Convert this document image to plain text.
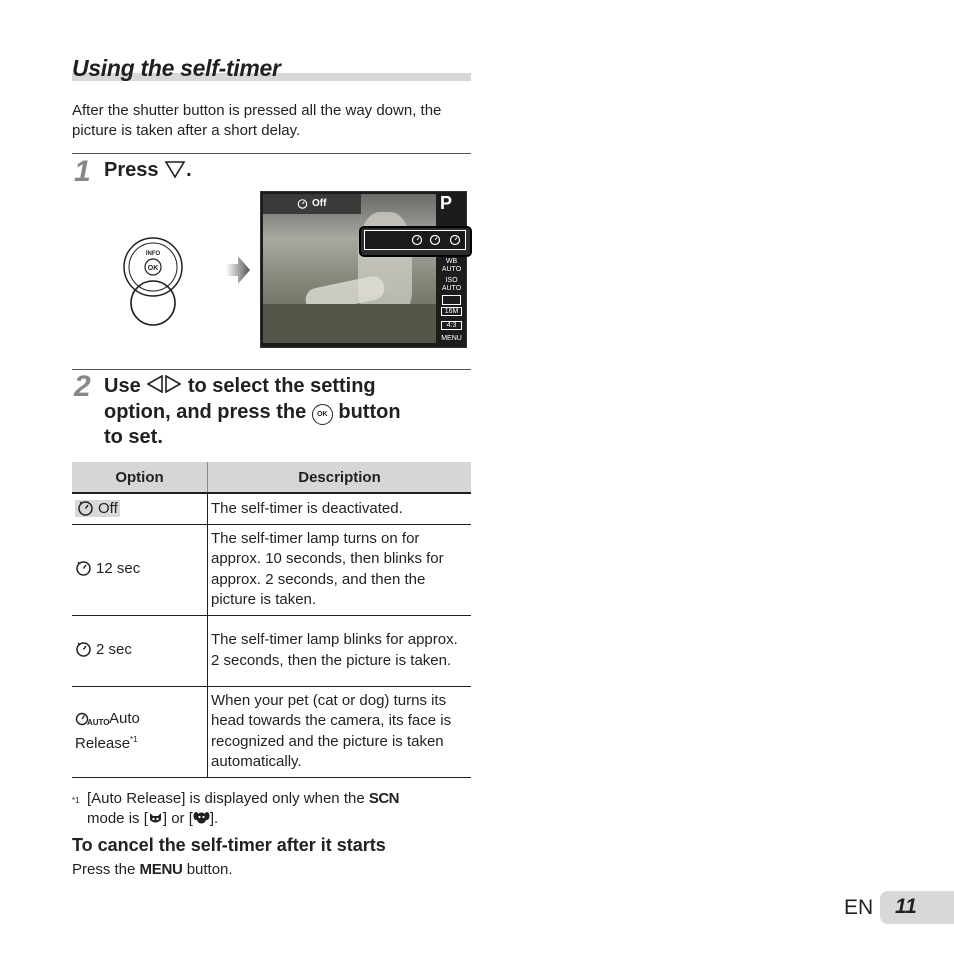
Using the self-timer
After the shutter button is pressed all the way down, the picture is taken after a short delay.
1 Press .
OK
INFO
Off	P
WB AUTO
ISO AUTO
16M
4:3
MENU
2 Use to select the setting
option, and press the OK button
to set.
Option	Description
Off	The self-timer is deactivated.
12 sec	The self-timer lamp turns on for approx. 10 seconds, then blinks for approx. 2 seconds, and then the picture is taken.
2 sec	The self-timer lamp blinks for approx. 2 seconds, then the picture is taken.

AUTO Auto
Release$^{*1}$	When your pet (cat or dog) turns its head towards the camera, its face is recognized and the picture is taken automatically.
*1 [Auto Release] is displayed only when the SCN
mode is [ ] or [ ].
To cancel the self-timer after it starts
Press the MENU button.
EN 11
